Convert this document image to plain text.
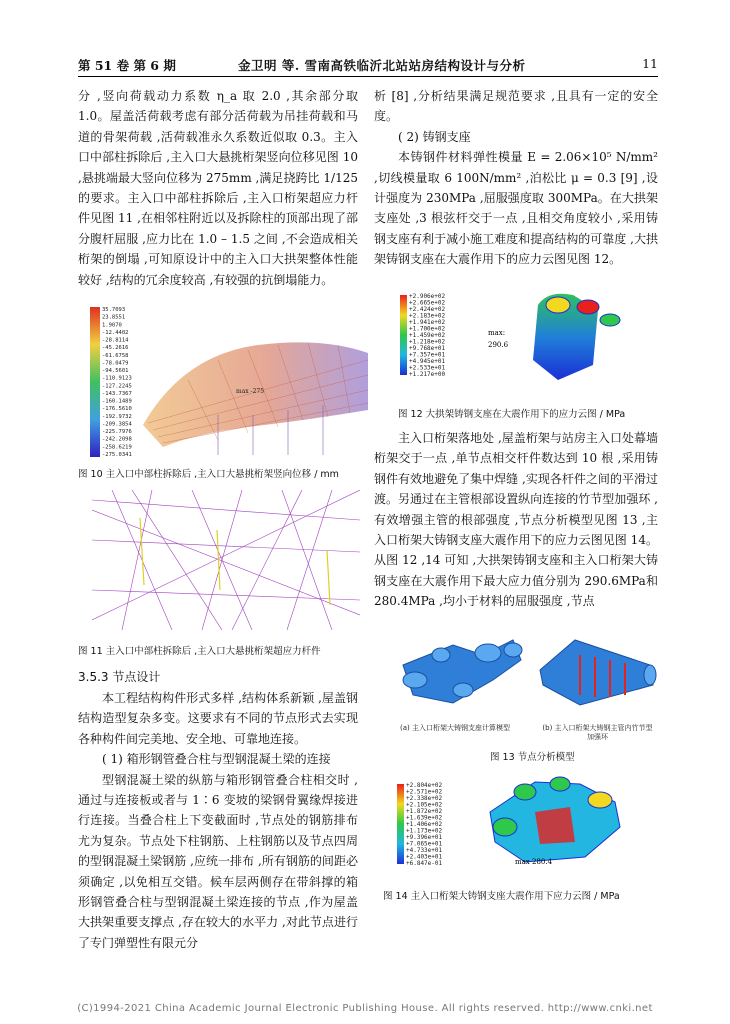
第 51 卷 第 6 期	金卫明 等. 雪南高铁临沂北站站房结构设计与分析	11

分 ,竖向荷载动力系数 η_a 取 2.0 ,其余部分取 1.0。屋盖活荷载考虑有部分活荷载为吊挂荷载和马道的骨架荷载 ,活荷载准永久系数近似取 0.3。主入口中部柱拆除后 ,主入口大悬挑桁架竖向位移见图 10 ,悬挑端最大竖向位移为 275mm ,满足挠跨比 1/125 的要求。主入口中部柱拆除后 ,主入口桁架超应力杆件见图 11 ,在相邻柱附近以及拆除柱的顶部出现了部分腹杆屈服 ,应力比在 1.0 – 1.5 之间 ,不会造成相关桁架的倒塌 ,可知原设计中的主入口大拱架整体性能较好 ,结构的冗余度较高 ,有较强的抗倒塌能力。

35.7093
23.8551
1.9070
-12.4402
-28.8114
-45.2616
-61.6758
-78.0479
-94.5601
-110.9123
-127.2245
-143.7367
-160.1489
-176.5610
-192.9732
-209.3854
-225.7976
-242.2098
-258.6219
-275.0341
max -275
图 10 主入口中部柱拆除后 ,主入口大悬挑桁架竖向位移 / mm
图 11 主入口中部柱拆除后 ,主入口大悬挑桁架超应力杆件
3.5.3 节点设计

本工程结构构件形式多样 ,结构体系新颖 ,屋盖钢结构造型复杂多变。这要求有不同的节点形式去实现各种构件间完美地、安全地、可靠地连接。

( 1) 箱形钢管叠合柱与型钢混凝土梁的连接

型钢混凝土梁的纵筋与箱形钢管叠合柱相交时 ,通过与连接板或者与 1∶6 变坡的梁钢骨翼缘焊接进行连接。当叠合柱上下变截面时 ,节点处的钢筋排布尤为复杂。节点处下柱钢筋、上柱钢筋以及节点四周的型钢混凝土梁钢筋 ,应统一排布 ,所有钢筋的间距必须确定 ,以免相互交错。候车层两侧存在带斜撑的箱形钢管叠合柱与型钢混凝土梁连接的节点 ,作为屋盖大拱架重要支撑点 ,存在较大的水平力 ,对此节点进行了专门弹塑性有限元分

析 [8] ,分析结果满足规范要求 ,且具有一定的安全度。

( 2) 铸钢支座

本铸钢件材料弹性模量 E = 2.06×10⁵ N/mm² ,切线模量取 6 100N/mm² ,泊松比 μ = 0.3 [9] ,设计强度为 230MPa ,屈服强度取 300MPa。在大拱架支座处 ,3 根弦杆交于一点 ,且相交角度较小 ,采用铸钢支座有利于减小施工难度和提高结构的可靠度 ,大拱架铸钢支座在大震作用下的应力云图见图 12。

+2.906e+02
+2.665e+02
+2.424e+02
+2.183e+02
+1.941e+02
+1.700e+02
+1.459e+02
+1.218e+02
+9.768e+01
+7.357e+01
+4.945e+01
+2.533e+01
+1.217e+00
max:
290.6
图 12 大拱架铸钢支座在大震作用下的应力云图 / MPa

主入口桁架落地处 ,屋盖桁架与站房主入口处幕墙桁架交于一点 ,单节点相交杆件数达到 10 根 ,采用铸钢件有效地避免了集中焊缝 ,实现各杆件之间的平滑过渡。另通过在主管根部设置纵向连接的竹节型加强环 ,有效增强主管的根部强度 ,节点分析模型见图 13 ,主入口桁架大铸钢支座大震作用下的应力云图见图 14。从图 12 ,14 可知 ,大拱架铸钢支座和主入口桁架大铸钢支座在大震作用下最大应力值分别为 290.6MPa和280.4MPa ,均小于材料的屈服强度 ,节点

(a) 主入口桁架大铸钢支座计算模型	(b) 主入口桁架大铸钢主管内竹节型加强环
图 13 节点分析模型
+2.804e+02
+2.571e+02
+2.338e+02
+2.105e+02
+1.872e+02
+1.639e+02
+1.406e+02
+1.173e+02
+9.396e+01
+7.065e+01
+4.733e+01
+2.403e+01
+6.847e-01	max 280.4
图 14 主入口桁架大铸钢支座大震作用下应力云图 / MPa
(C)1994-2021 China Academic Journal Electronic Publishing House. All rights reserved. http://www.cnki.net
